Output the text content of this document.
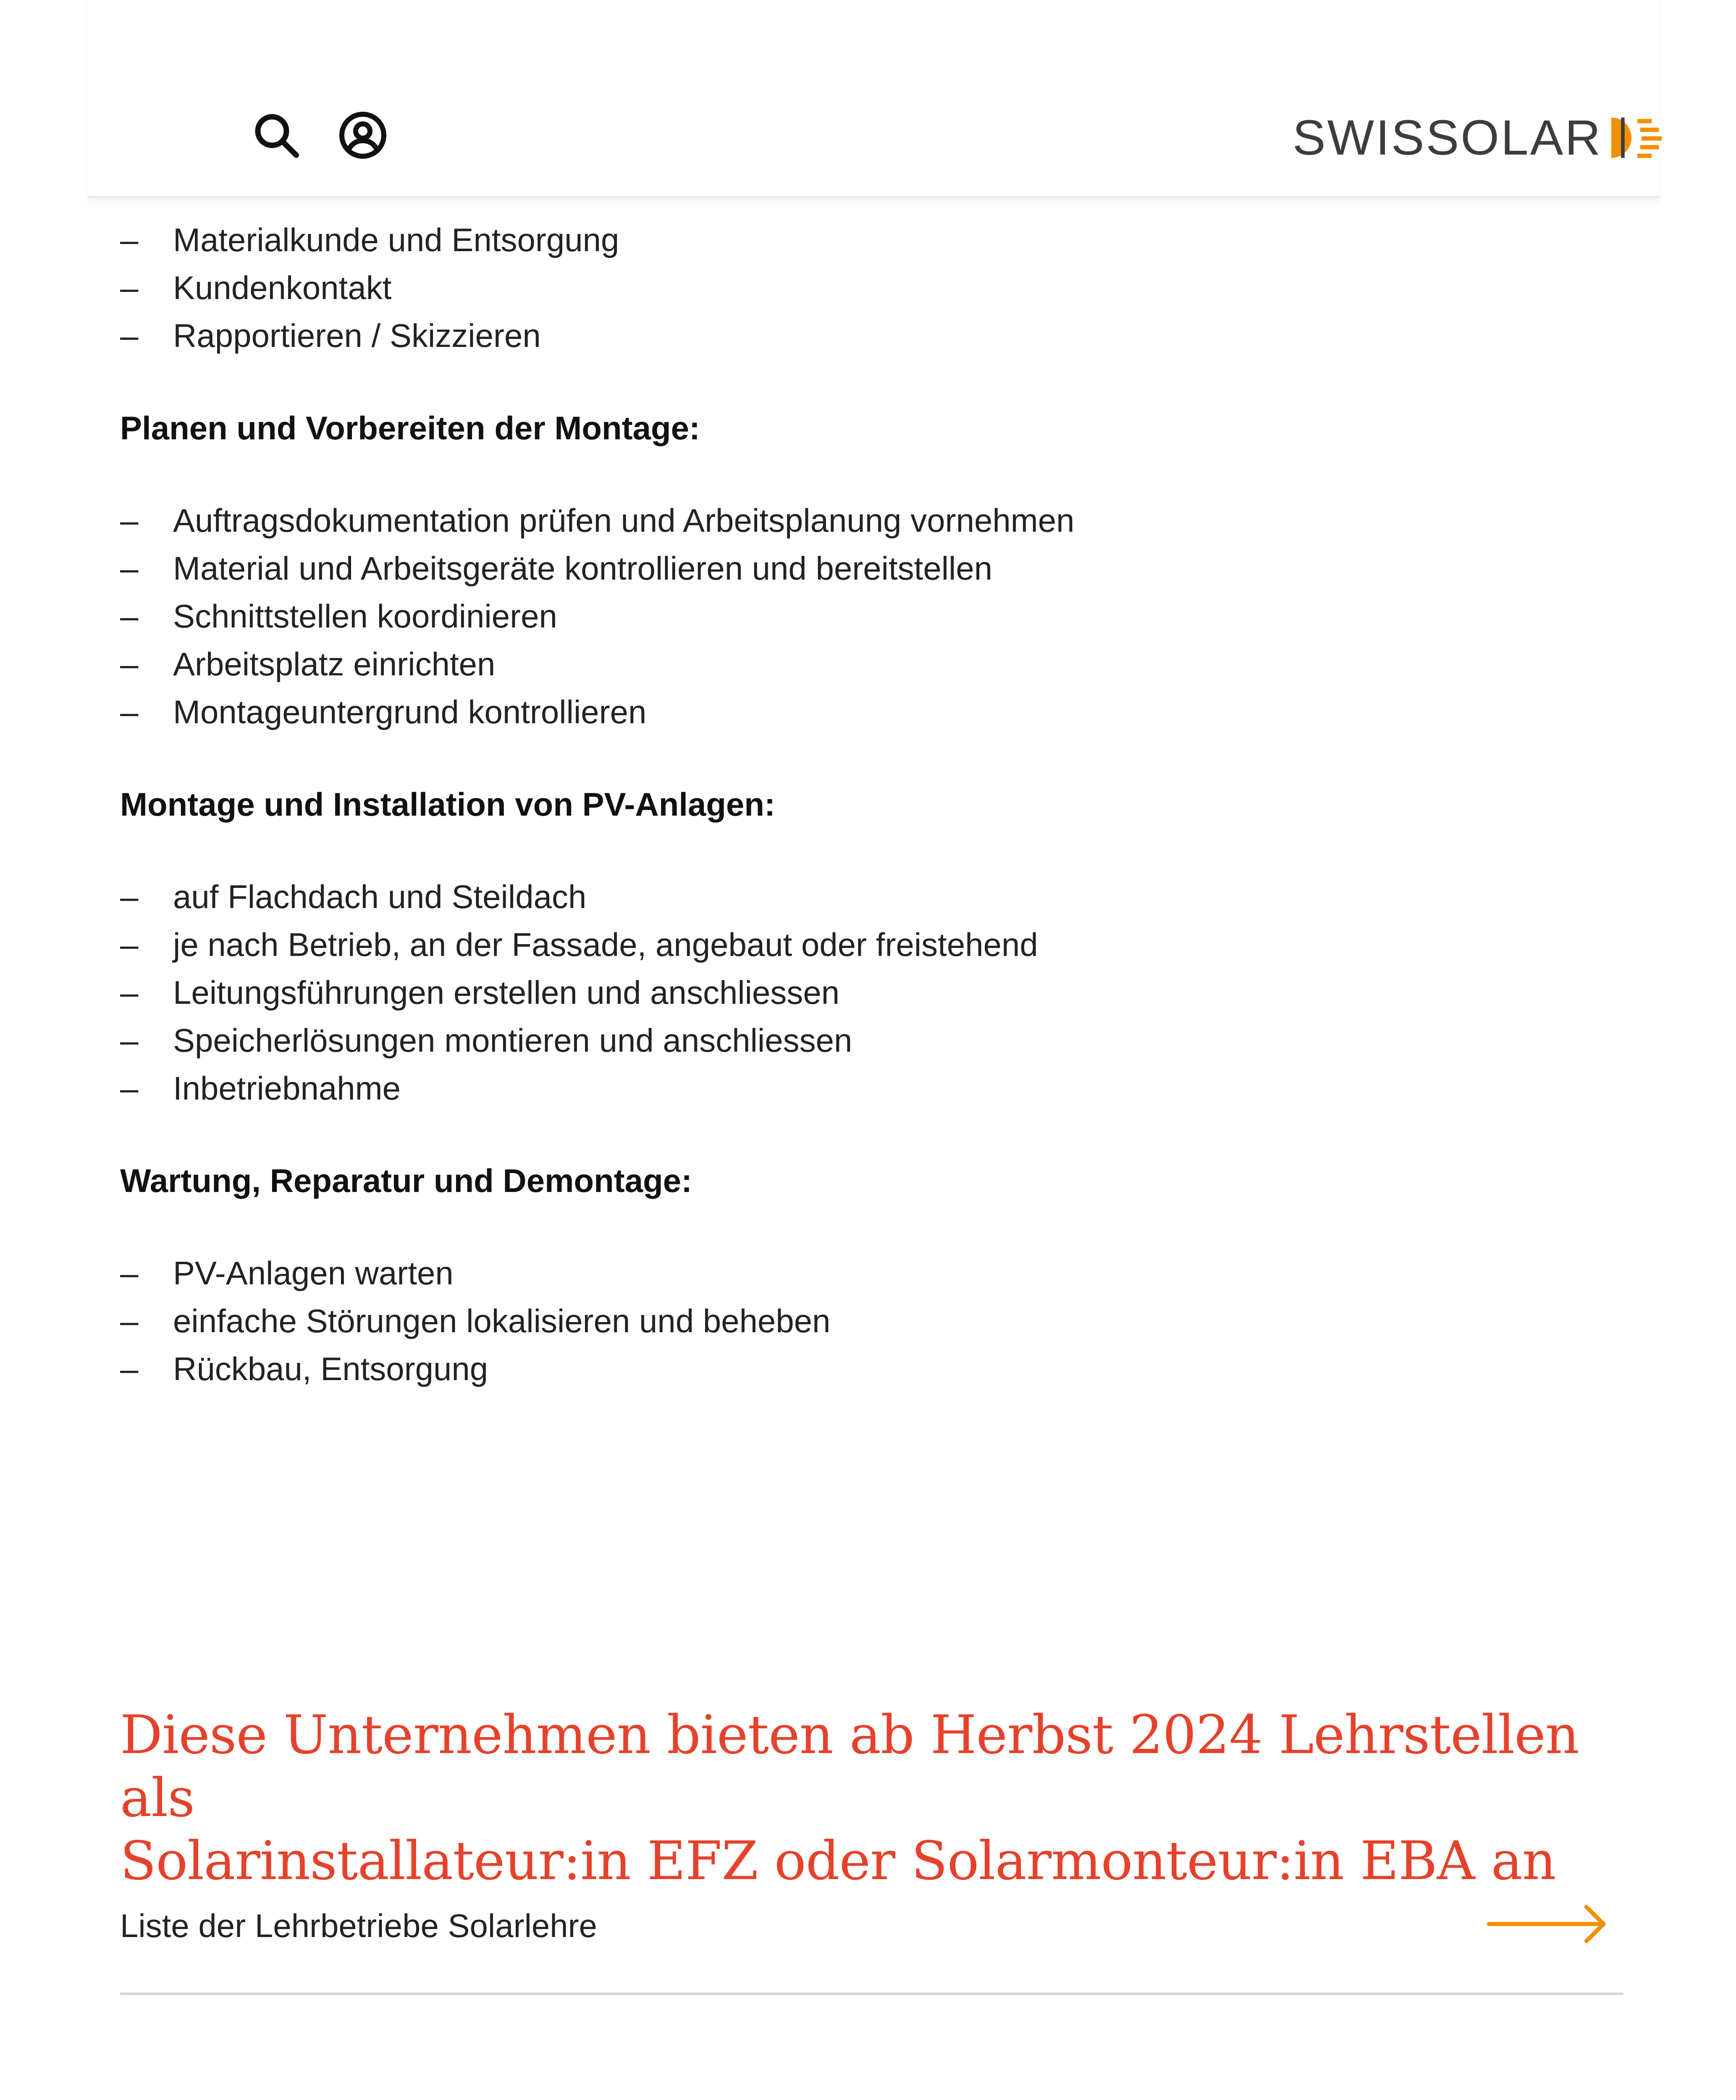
SWISSOLAR
– Materialkunde und Entsorgung
– Kundenkontakt
– Rapportieren / Skizzieren
Planen und Vorbereiten der Montage:
– Auftragsdokumentation prüfen und Arbeitsplanung vornehmen
– Material und Arbeitsgeräte kontrollieren und bereitstellen
– Schnittstellen koordinieren
– Arbeitsplatz einrichten
– Montageuntergrund kontrollieren
Montage und Installation von PV-Anlagen:
– auf Flachdach und Steildach
– je nach Betrieb, an der Fassade, angebaut oder freistehend
– Leitungsführungen erstellen und anschliessen
– Speicherlösungen montieren und anschliessen
– Inbetriebnahme
Wartung, Reparatur und Demontage:
– PV-Anlagen warten
– einfache Störungen lokalisieren und beheben
– Rückbau, Entsorgung
Diese Unternehmen bieten ab Herbst 2024 Lehrstellen als
Solarinstallateur:in EFZ oder Solarmonteur:in EBA an
Liste der Lehrbetriebe Solarlehre
